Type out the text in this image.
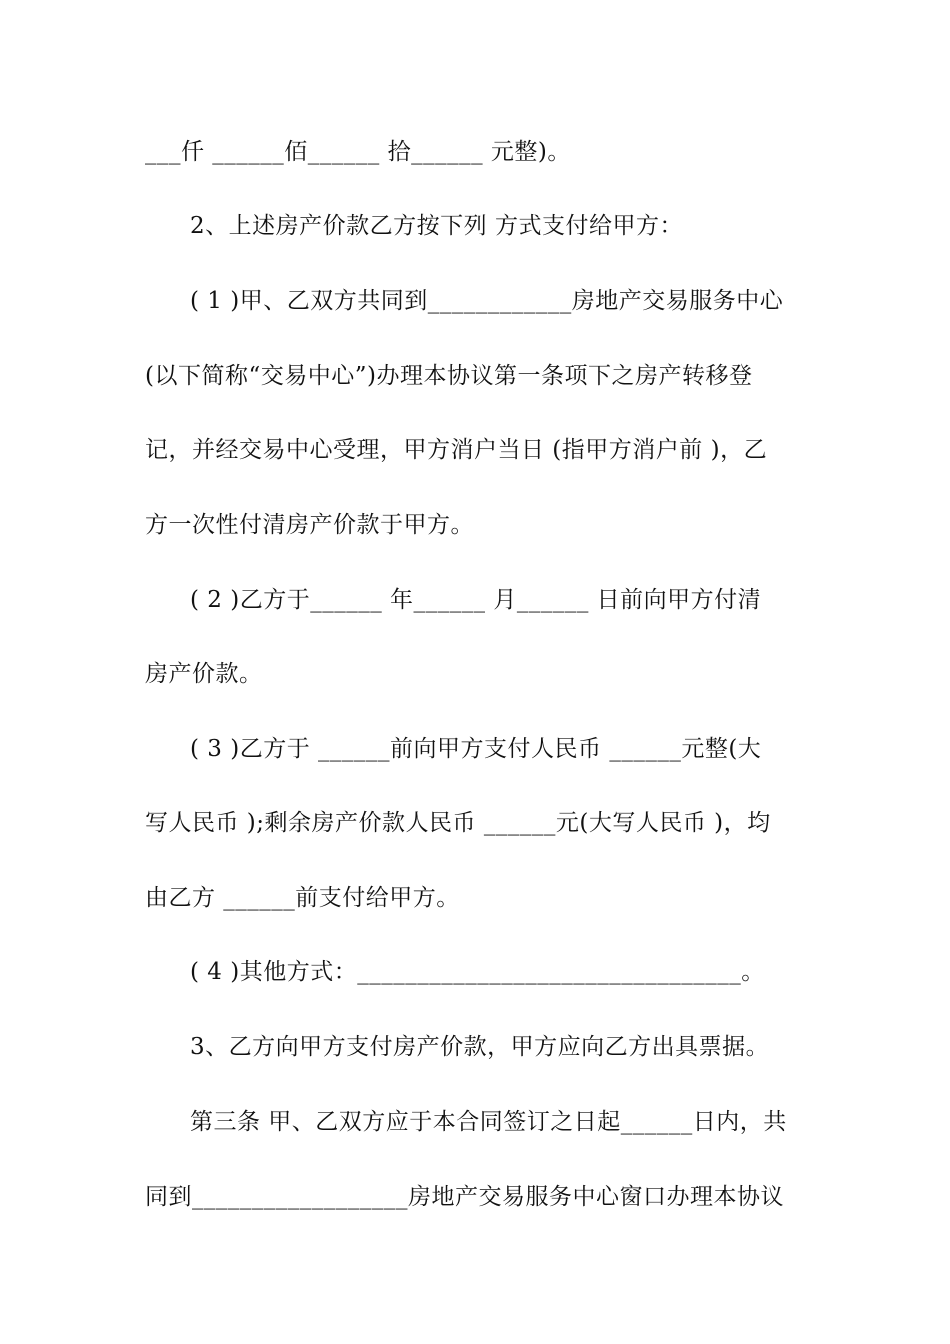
___仟 ______佰______ 拾______ 元整)。
2、上述房产价款乙方按下列 方式支付给甲方：
( 1 )甲、乙双方共同到____________房地产交易服务中心
(以下简称“交易中心”)办理本协议第一条项下之房产转移登
记，并经交易中心受理，甲方消户当日 (指甲方消户前 )，乙
方一次性付清房产价款于甲方。
( 2 )乙方于______ 年______ 月______ 日前向甲方付清
房产价款。
( 3 )乙方于 ______前向甲方支付人民币 ______元整(大
写人民币 );剩余房产价款人民币 ______元(大写人民币 )，均
由乙方 ______前支付给甲方。
( 4 )其他方式：________________________________。
3、乙方向甲方支付房产价款，甲方应向乙方出具票据。
第三条 甲、乙双方应于本合同签订之日起______日内，共
同到__________________房地产交易服务中心窗口办理本协议
